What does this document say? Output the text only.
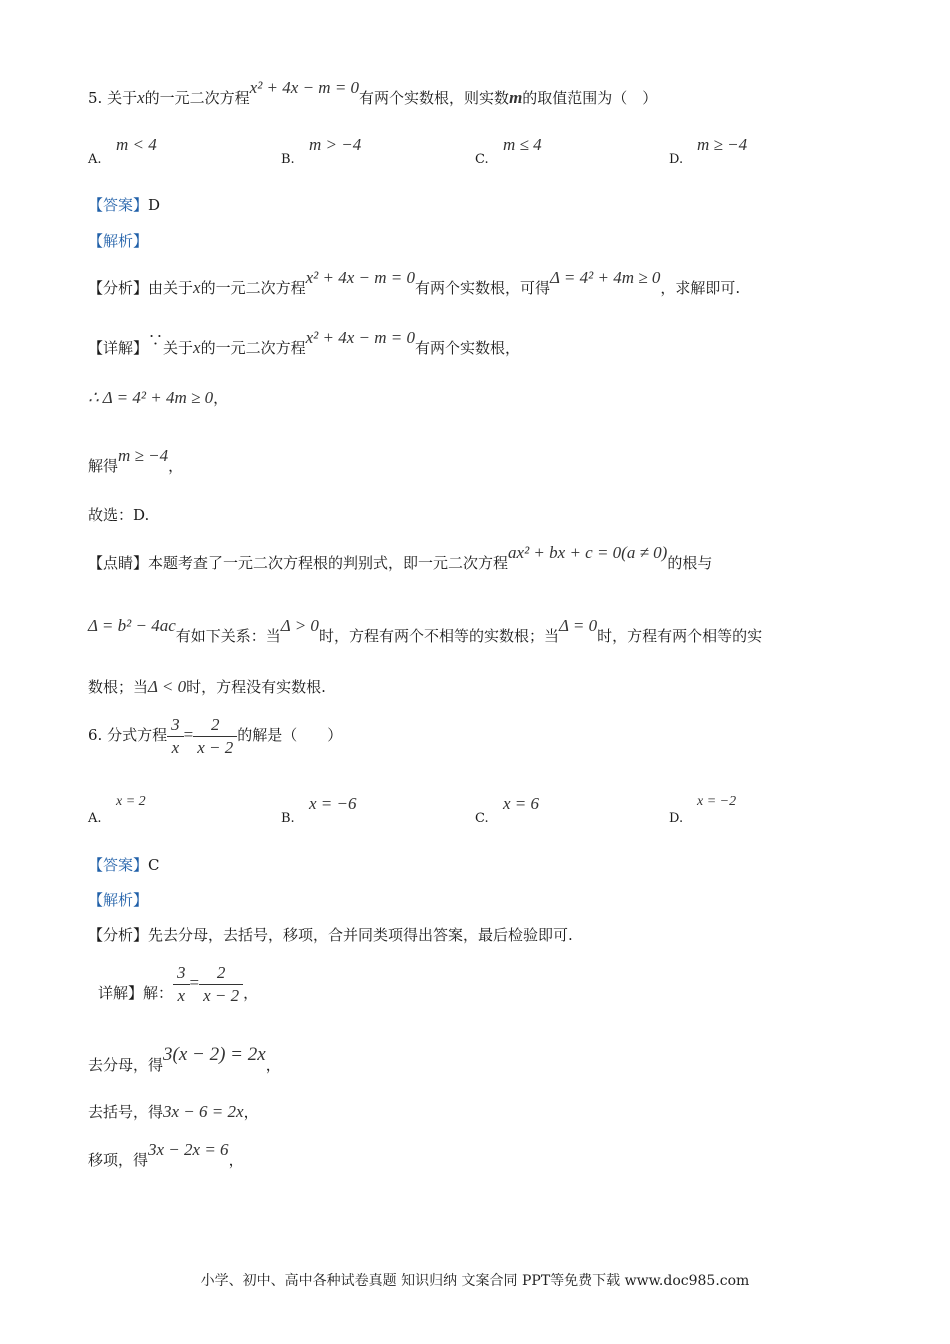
5. 关于x的一元二次方程x² + 4x − m = 0有两个实数根，则实数m的取值范围为（　）
A.
m < 4
B.
m > −4
C.
m ≤ 4
D.
m ≥ −4
【答案】D
【解析】
【分析】由关于x的一元二次方程x² + 4x − m = 0有两个实数根，可得Δ = 4² + 4m ≥ 0，求解即可.
【详解】∵关于x的一元二次方程x² + 4x − m = 0有两个实数根，
∴ Δ = 4² + 4m ≥ 0，
解得m ≥ −4，
故选：D.
【点睛】本题考查了一元二次方程根的判别式，即一元二次方程ax² + bx + c = 0(a ≠ 0)的根与
Δ = b² − 4ac有如下关系：当Δ > 0时，方程有两个不相等的实数根；当Δ = 0时，方程有两个相等的实
数根；当Δ < 0时，方程没有实数根.
6. 分式方程 $\frac{3}{x} = \frac{2}{x - 2}$ 的解是（　　）
A.
x = 2
B.
x = −6
C.
x = 6
D.
x = −2
【答案】C
【解析】
【分析】先去分母，去括号，移项，合并同类项得出答案，最后检验即可.
详解】解： $\frac{3}{x} = \frac{2}{x - 2}$ ，
去分母，得3(x − 2) = 2x，
去括号，得3x − 6 = 2x，
移项，得3x − 2x = 6，
小学、初中、高中各种试卷真题 知识归纳 文案合同 PPT等免费下载 www.doc985.com
